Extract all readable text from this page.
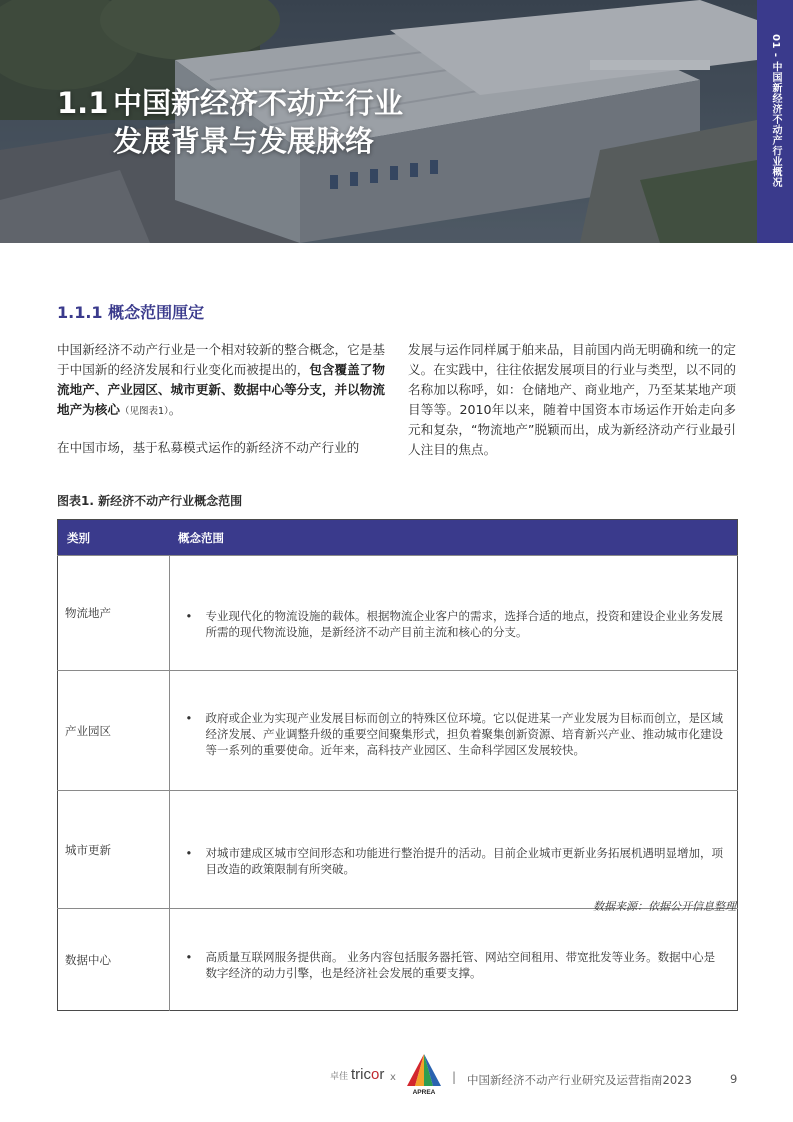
1.1 中国新经济不动产行业
发展背景与发展脉络	01 - 中国新经济不动产行业概况
1.1.1 概念范围厘定

中国新经济不动产行业是一个相对较新的整合概念，它是基于中国新的经济发展和行业变化而被提出的，包含覆盖了物流地产、产业园区、城市更新、数据中心等分支，并以物流地产为核心（见图表1）。

在中国市场，基于私募模式运作的新经济不动产行业的

发展与运作同样属于舶来品，目前国内尚无明确和统一的定义。在实践中，往往依据发展项目的行业与类型，以不同的名称加以称呼，如：仓储地产、商业地产，乃至某某地产项目等等。2010年以来，随着中国资本市场运作开始走向多元和复杂，“物流地产”脱颖而出，成为新经济动产行业最引人注目的焦点。

图表1. 新经济不动产行业概念范围

类别	概念范围
物流地产	• 专业现代化的物流设施的载体。根据物流企业客户的需求，选择合适的地点，投资和建设企业业务发展所需的现代物流设施，是新经济不动产目前主流和核心的分支。

产业园区	• 政府或企业为实现产业发展目标而创立的特殊区位环境。它以促进某一产业发展为目标而创立，是区域经济发展、产业调整升级的重要空间聚集形式，担负着聚集创新资源、培育新兴产业、推动城市化建设等一系列的重要使命。近年来，高科技产业园区、生命科学园区发展较快。

城市更新	• 对城市建成区城市空间形态和功能进行整治提升的活动。目前企业城市更新业务拓展机遇明显增加，项目改造的政策限制有所突破。

数据中心	• 高质量互联网服务提供商。 业务内容包括服务器托管、网站空间租用、带宽批发等业务。数据中心是数字经济的动力引擎，也是经济社会发展的重要支撑。

数据来源：依据公开信息整理

卓佳 tricor x
APREA
| 中国新经济不动产行业研究及运营指南2023	9
